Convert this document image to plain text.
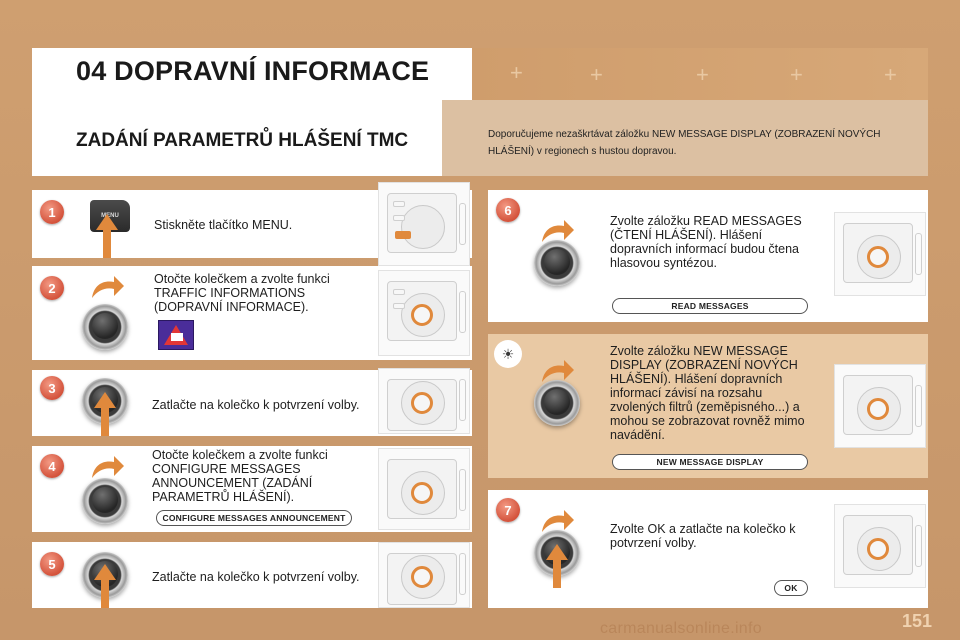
+	+	+	+	+
04 DOPRAVNÍ INFORMACE
ZADÁNÍ PARAMETRŮ HLÁŠENÍ TMC	Doporučujeme nezaškrtávat záložku NEW MESSAGE DISPLAY (ZOBRAZENÍ NOVÝCH HLÁŠENÍ) v regionech s hustou dopravou.
1	MENU
Stiskněte tlačítko MENU.
2
Otočte kolečkem a zvolte funkci TRAFFIC INFORMATIONS (DOPRAVNÍ INFORMACE).
3
Zatlačte na kolečko k potvrzení volby.
4
Otočte kolečkem a zvolte funkci CONFIGURE MESSAGES ANNOUNCEMENT (ZADÁNÍ PARAMETRŮ HLÁŠENÍ).
CONFIGURE MESSAGES ANNOUNCEMENT
5
Zatlačte na kolečko k potvrzení volby.
6
Zvolte záložku READ MESSAGES (ČTENÍ HLÁŠENÍ). Hlášení dopravních informací budou čtena hlasovou syntézou.
READ MESSAGES
☀	Zvolte záložku NEW MESSAGE DISPLAY (ZOBRAZENÍ NOVÝCH HLÁŠENÍ). Hlášení dopravních informací závisí na rozsahu zvolených filtrů (zeměpisného...) a mohou se zobrazovat rovněž mimo navádění.
NEW MESSAGE DISPLAY
7
Zvolte OK a zatlačte na kolečko k potvrzení volby.
OK
carmanualsonline.info	151
